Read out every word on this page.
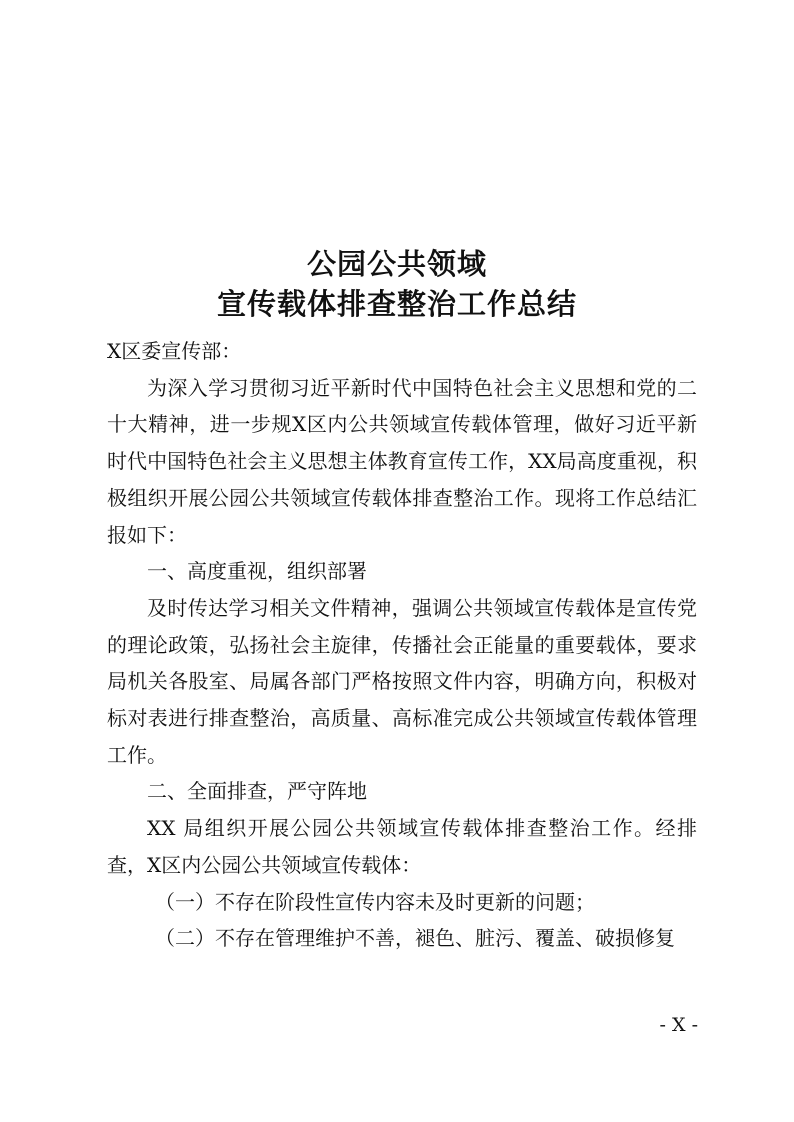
公园公共领域
宣传载体排查整治工作总结

X区委宣传部：

为深入学习贯彻习近平新时代中国特色社会主义思想和党的二十大精神，进一步规X区内公共领域宣传载体管理，做好习近平新时代中国特色社会主义思想主体教育宣传工作，XX局高度重视，积极组织开展公园公共领域宣传载体排查整治工作。现将工作总结汇报如下：

一、高度重视，组织部署

及时传达学习相关文件精神，强调公共领域宣传载体是宣传党的理论政策，弘扬社会主旋律，传播社会正能量的重要载体，要求局机关各股室、局属各部门严格按照文件内容，明确方向，积极对标对表进行排查整治，高质量、高标准完成公共领域宣传载体管理工作。

二、全面排查，严守阵地

XX 局组织开展公园公共领域宣传载体排查整治工作。经排查，X区内公园公共领域宣传载体：

（一）不存在阶段性宣传内容未及时更新的问题；

（二）不存在管理维护不善，褪色、脏污、覆盖、破损修复

- X -
